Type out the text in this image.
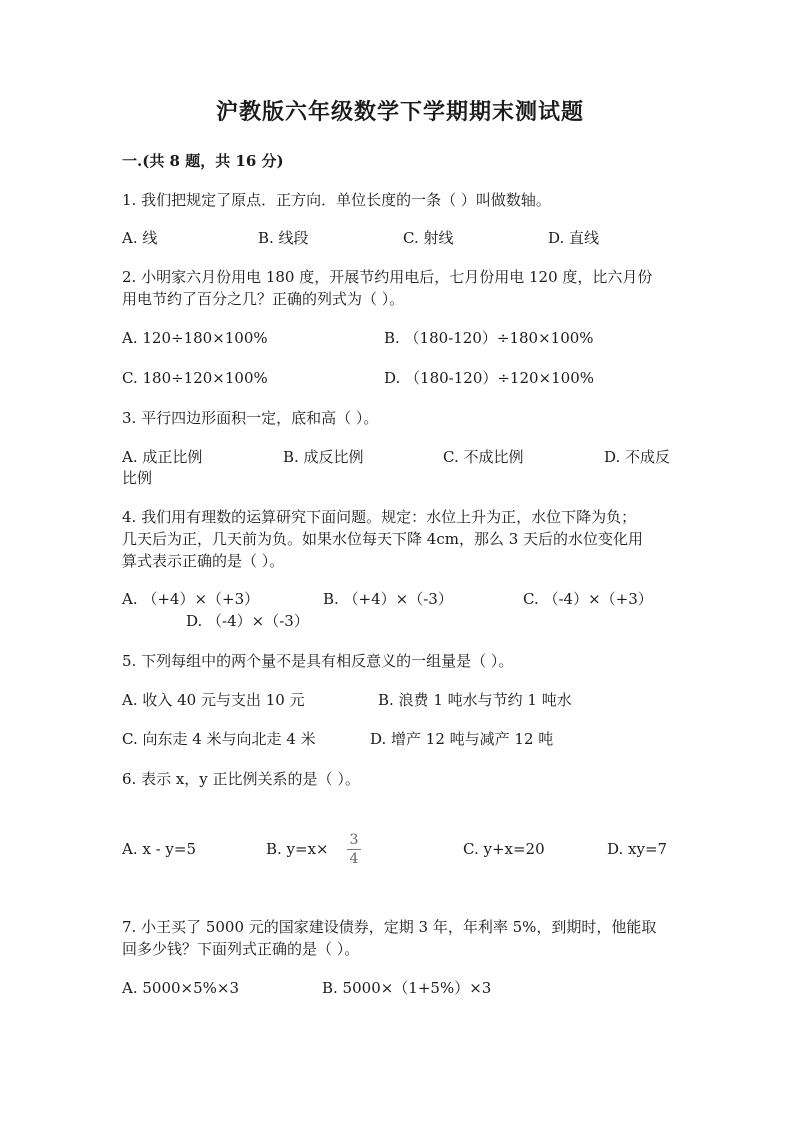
沪教版六年级数学下学期期末测试题
一.(共 8 题，共 16 分)
1. 我们把规定了原点．正方向．单位长度的一条（ ）叫做数轴。
A. 线	B. 线段	C. 射线	D. 直线
2. 小明家六月份用电 180 度，开展节约用电后，七月份用电 120 度，比六月份
用电节约了百分之几？正确的列式为（ ）。
A. 120÷180×100%	B. （180-120）÷180×100%
C. 180÷120×100%	D. （180-120）÷120×100%
3. 平行四边形面积一定，底和高（ ）。
A. 成正比例	B. 成反比例	C. 不成比例	D. 不成反
比例
4. 我们用有理数的运算研究下面问题。规定：水位上升为正，水位下降为负；
几天后为正，几天前为负。如果水位每天下降 4cm，那么 3 天后的水位变化用
算式表示正确的是（ ）。
A. （+4）×（+3）	B. （+4）×（-3）	C. （-4）×（+3）
D. （-4）×（-3）
5. 下列每组中的两个量不是具有相反意义的一组量是（ ）。
A. 收入 40 元与支出 10 元	B. 浪费 1 吨水与节约 1 吨水
C. 向东走 4 米与向北走 4 米	D. 增产 12 吨与减产 12 吨
6. 表示 x，y 正比例关系的是（ ）。
A. x - y=5	B. y=x× 3
4
C. y+x=20	D. xy=7
7. 小王买了 5000 元的国家建设债券，定期 3 年，年利率 5%，到期时，他能取
回多少钱？下面列式正确的是（ ）。
A. 5000×5%×3	B. 5000×（1+5%）×3
